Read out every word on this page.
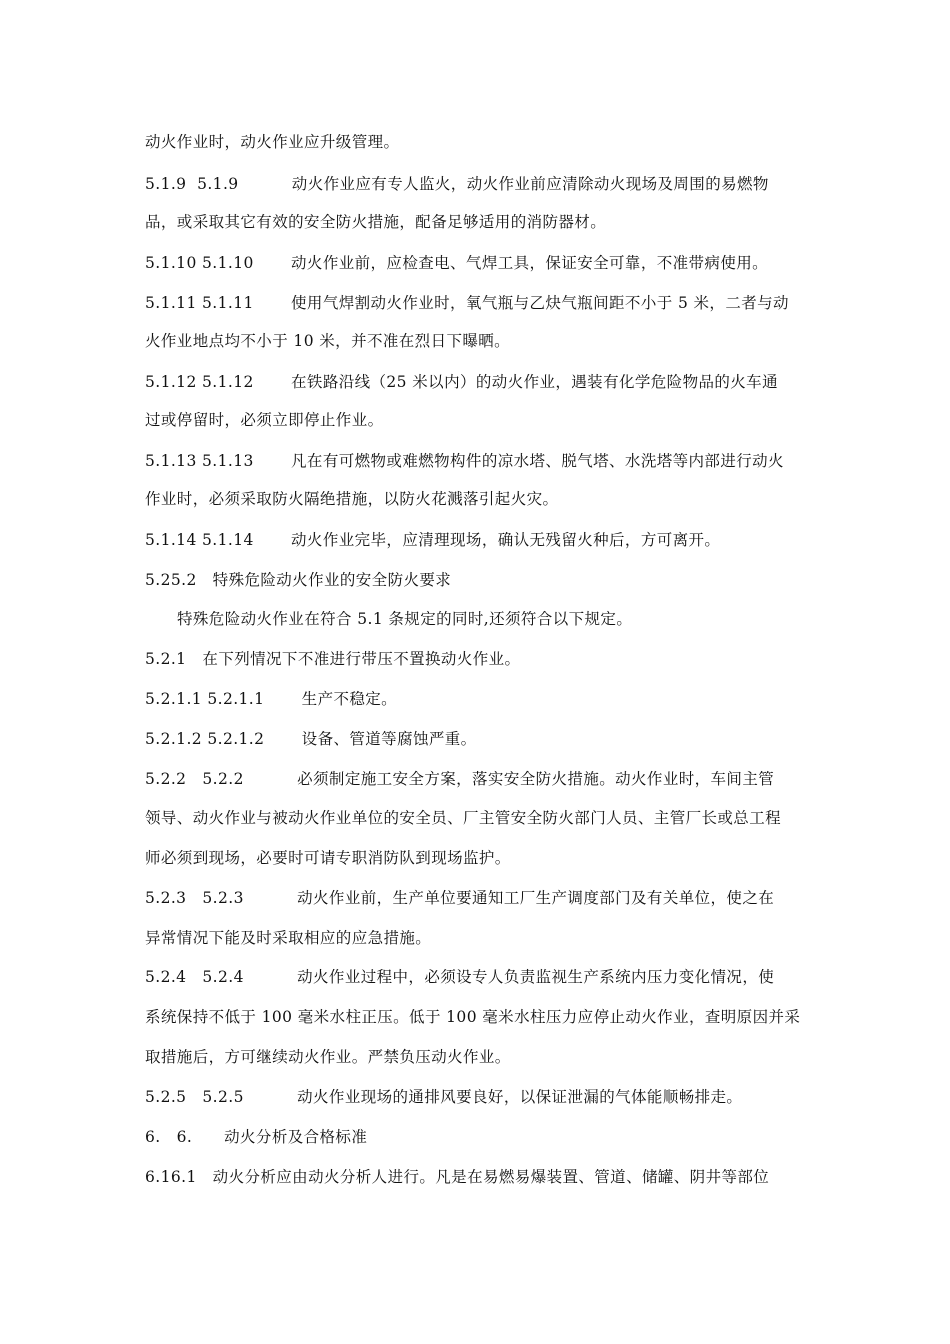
动火作业时，动火作业应升级管理。
5.1.9  5.1.9          动火作业应有专人监火，动火作业前应清除动火现场及周围的易燃物
品，或采取其它有效的安全防火措施，配备足够适用的消防器材。
5.1.10 5.1.10       动火作业前，应检查电、气焊工具，保证安全可靠，不准带病使用。
5.1.11 5.1.11       使用气焊割动火作业时，氧气瓶与乙炔气瓶间距不小于 5 米，二者与动
火作业地点均不小于 10 米，并不准在烈日下曝晒。
5.1.12 5.1.12       在铁路沿线（25 米以内）的动火作业，遇装有化学危险物品的火车通
过或停留时，必须立即停止作业。
5.1.13 5.1.13       凡在有可燃物或难燃物构件的凉水塔、脱气塔、水洗塔等内部进行动火
作业时，必须采取防火隔绝措施，以防火花溅落引起火灾。
5.1.14 5.1.14       动火作业完毕，应清理现场，确认无残留火种后，方可离开。
5.25.2   特殊危险动火作业的安全防火要求
特殊危险动火作业在符合 5.1 条规定的同时,还须符合以下规定。
5.2.1   在下列情况下不准进行带压不置换动火作业。
5.2.1.1 5.2.1.1       生产不稳定。
5.2.1.2 5.2.1.2       设备、管道等腐蚀严重。
5.2.2   5.2.2          必须制定施工安全方案，落实安全防火措施。动火作业时，车间主管
领导、动火作业与被动火作业单位的安全员、厂主管安全防火部门人员、主管厂长或总工程
师必须到现场，必要时可请专职消防队到现场监护。
5.2.3   5.2.3          动火作业前，生产单位要通知工厂生产调度部门及有关单位，使之在
异常情况下能及时采取相应的应急措施。
5.2.4   5.2.4          动火作业过程中，必须设专人负责监视生产系统内压力变化情况，使
系统保持不低于 100 毫米水柱正压。低于 100 毫米水柱压力应停止动火作业，查明原因并采
取措施后，方可继续动火作业。严禁负压动火作业。
5.2.5   5.2.5          动火作业现场的通排风要良好，以保证泄漏的气体能顺畅排走。
6.   6.      动火分析及合格标准
6.16.1   动火分析应由动火分析人进行。凡是在易燃易爆装置、管道、储罐、阴井等部位
